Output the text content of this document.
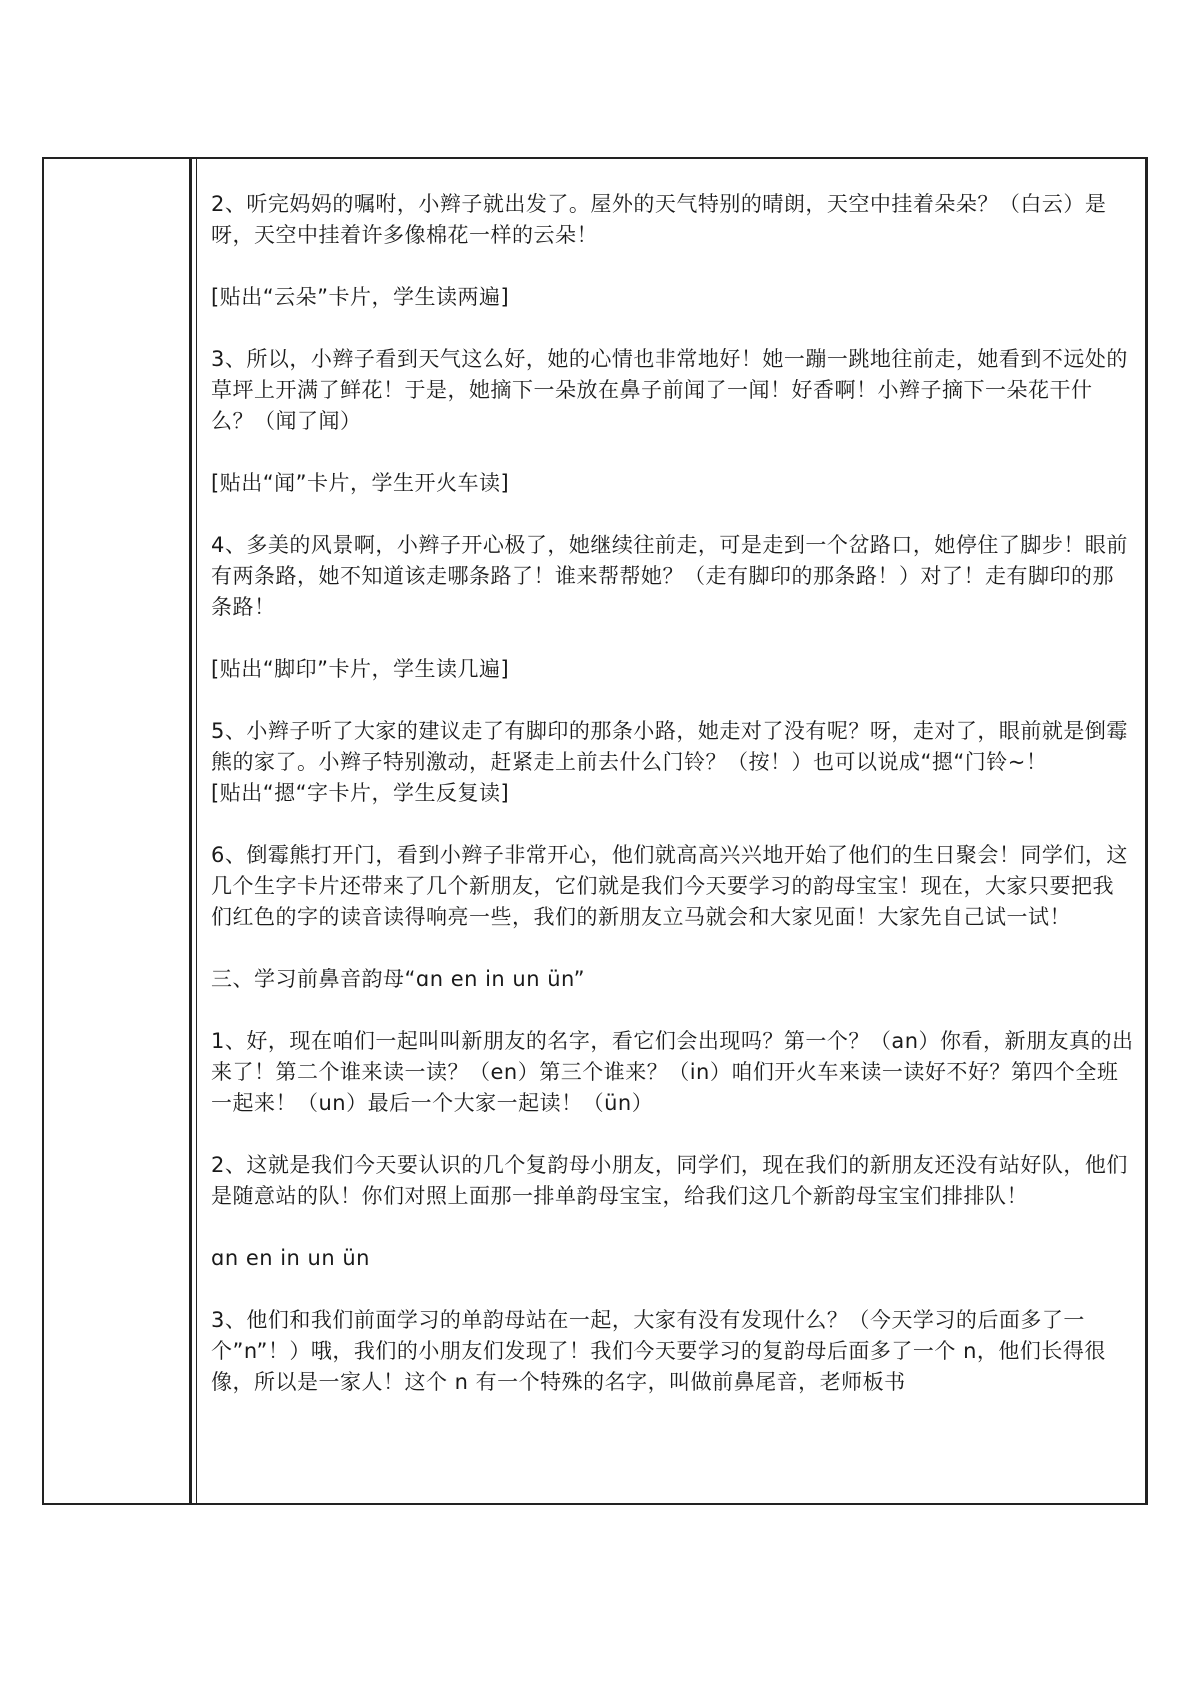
2、听完妈妈的嘱咐，小辫子就出发了。屋外的天气特别的晴朗，天空中挂着朵朵？（白云）是呀，天空中挂着许多像棉花一样的云朵！

[贴出“云朵”卡片，学生读两遍]

3、所以，小辫子看到天气这么好，她的心情也非常地好！她一蹦一跳地往前走，她看到不远处的草坪上开满了鲜花！于是，她摘下一朵放在鼻子前闻了一闻！好香啊！小辫子摘下一朵花干什么？（闻了闻）

[贴出“闻”卡片，学生开火车读]

4、多美的风景啊，小辫子开心极了，她继续往前走，可是走到一个岔路口，她停住了脚步！眼前有两条路，她不知道该走哪条路了！谁来帮帮她？（走有脚印的那条路！）对了！走有脚印的那条路！

[贴出“脚印”卡片，学生读几遍]

5、小辫子听了大家的建议走了有脚印的那条小路，她走对了没有呢？呀，走对了，眼前就是倒霉熊的家了。小辫子特别激动，赶紧走上前去什么门铃？（按！）也可以说成“摁“门铃~！

[贴出“摁“字卡片，学生反复读]

6、倒霉熊打开门，看到小辫子非常开心，他们就高高兴兴地开始了他们的生日聚会！同学们，这几个生字卡片还带来了几个新朋友，它们就是我们今天要学习的韵母宝宝！现在，大家只要把我们红色的字的读音读得响亮一些，我们的新朋友立马就会和大家见面！大家先自己试一试！

三、学习前鼻音韵母“ɑn en in un ün”

1、好，现在咱们一起叫叫新朋友的名字，看它们会出现吗？第一个？（an）你看，新朋友真的出来了！第二个谁来读一读？（en）第三个谁来？（in）咱们开火车来读一读好不好？第四个全班一起来！（un）最后一个大家一起读！（ün）

2、这就是我们今天要认识的几个复韵母小朋友，同学们，现在我们的新朋友还没有站好队，他们是随意站的队！你们对照上面那一排单韵母宝宝，给我们这几个新韵母宝宝们排排队！

ɑn en in un ün

3、他们和我们前面学习的单韵母站在一起，大家有没有发现什么？（今天学习的后面多了一个”n”！）哦，我们的小朋友们发现了！我们今天要学习的复韵母后面多了一个 n，他们长得很像，所以是一家人！这个 n 有一个特殊的名字，叫做前鼻尾音，老师板书
